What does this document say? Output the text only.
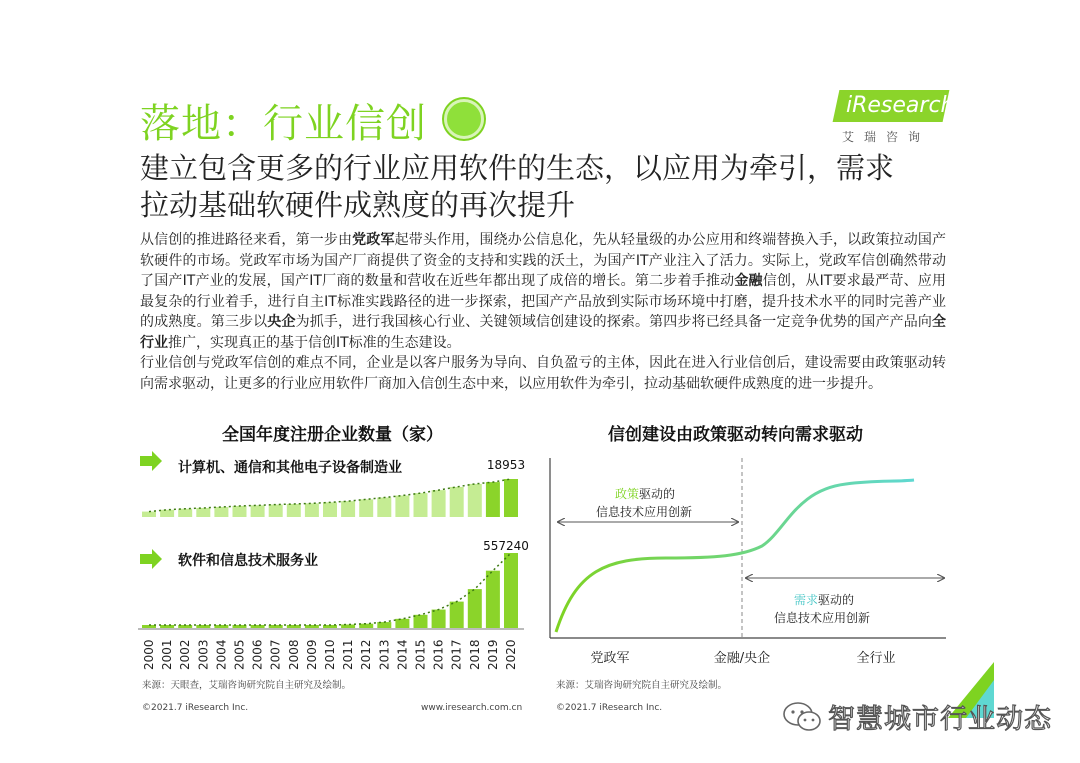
落地：行业信创	iResearch
艾瑞咨询
建立包含更多的行业应用软件的生态，以应用为牵引，需求
拉动基础软硬件成熟度的再次提升

从信创的推进路径来看，第一步由党政军起带头作用，围绕办公信息化，先从轻量级的办公应用和终端替换入手，以政策拉动国产软硬件的市场。党政军市场为国产厂商提供了资金的支持和实践的沃土，为国产IT产业注入了活力。实际上，党政军信创确然带动了国产IT产业的发展，国产IT厂商的数量和营收在近些年都出现了成倍的增长。第二步着手推动金融信创，从IT要求最严苛、应用最复杂的行业着手，进行自主IT标准实践路径的进一步探索，把国产产品放到实际市场环境中打磨，提升技术水平的同时完善产业的成熟度。第三步以央企为抓手，进行我国核心行业、关键领域信创建设的探索。第四步将已经具备一定竞争优势的国产产品向全行业推广，实现真正的基于信创IT标准的生态建设。

行业信创与党政军信创的难点不同，企业是以客户服务为导向、自负盈亏的主体，因此在进入行业信创后，建设需要由政策驱动转向需求驱动，让更多的行业应用软件厂商加入信创生态中来，以应用软件为牵引，拉动基础软硬件成熟度的进一步提升。

全国年度注册企业数量（家）
计算机、通信和其他电子设备制造业	18953
软件和信息技术服务业
557240
2000 2001 2002 2003 2004 2005 2006 2007 2008 2009 2010 2011 2012 2013 2014 2015 2016 2017 2018 2019 2020
来源：天眼查，艾瑞咨询研究院自主研究及绘制。
©2021.7 iResearch Inc.	www.iresearch.com.cn
信创建设由政策驱动转向需求驱动
政策驱动的
信息技术应用创新
需求驱动的
信息技术应用创新
党政军	金融/央企	全行业
来源：艾瑞咨询研究院自主研究及绘制。
©2021.7 iResearch Inc.	智慧城市行业动态
